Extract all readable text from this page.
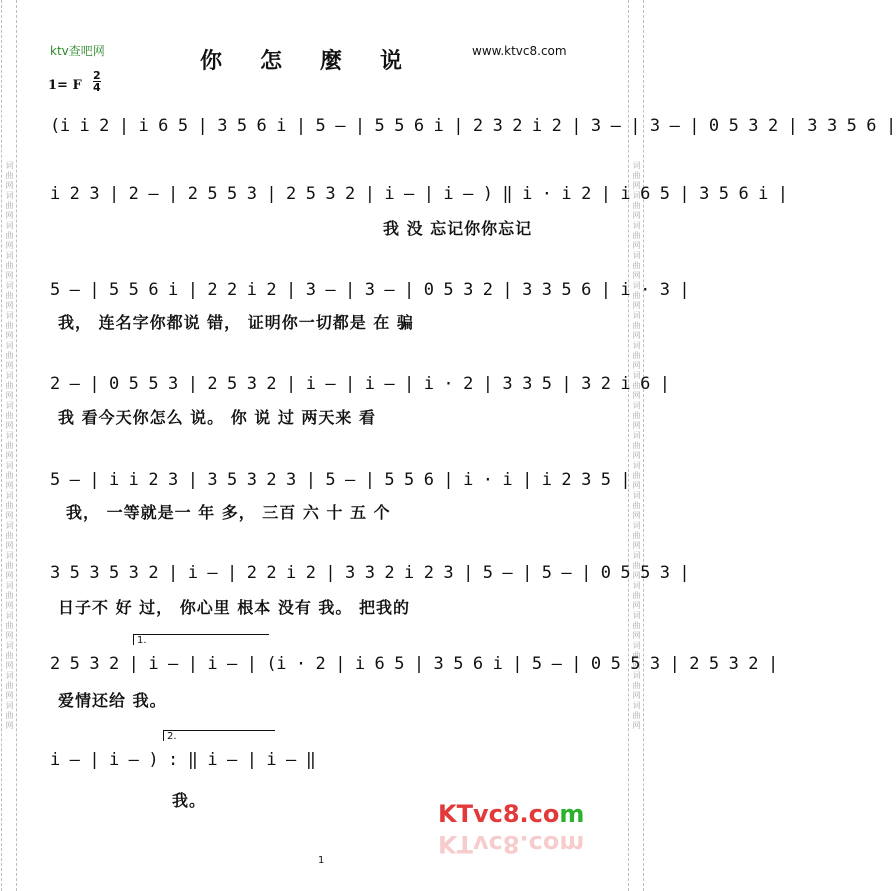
词曲网词曲网词曲网词曲网词曲网词曲网词曲网词曲网词曲网词曲网词曲网词曲网词曲网词曲网词曲网词曲网词曲网词曲网词曲网	词曲网词曲网词曲网词曲网词曲网词曲网词曲网词曲网词曲网词曲网词曲网词曲网词曲网词曲网词曲网词曲网词曲网词曲网词曲网
ktv查吧网	你怎麼说	www.ktvc8.com
1= F
2
4
(i i 2 | i 6 5 | 3 5 6 i | 5 — | 5 5 6 i | 2 3 2 i 2 | 3 — | 3 — | 0 5 3 2 | 3 3 5 6 |
i 2 3 | 2 — | 2 5 5 3 | 2 5 3 2 | i — | i — ) ‖ i · i 2 | i 6 5 | 3 5 6 i |
我 没 忘记你你忘记
5 — | 5 5 6 i | 2 2 i 2 | 3 — | 3 — | 0 5 3 2 | 3 3 5 6 | i · 3 |
我， 连名字你都说 错， 证明你一切都是 在 骗
2 — | 0 5 5 3 | 2 5 3 2 | i — | i — | i · 2 | 3 3 5 | 3 2 i 6 |
我 看今天你怎么 说。 你 说 过 两天来 看
5 — | i i 2 3 | 3 5 3 2 3 | 5 — | 5 5 6 | i · i | i 2 3 5 |
我， 一等就是一 年 多， 三百 六 十 五 个
3 5 3 5 3 2 | i — | 2 2 i 2 | 3 3 2 i 2 3 | 5 — | 5 — | 0 5 5 3 |
日子不 好 过， 你心里 根本 没有 我。 把我的
1.
2 5 3 2 | i — | i — | (i · 2 | i 6 5 | 3 5 6 i | 5 — | 0 5 5 3 | 2 5 3 2 |
爱情还给 我。
2.
i — | i — ) : ‖ i — | i — ‖
我。	KTvc8.com
KTvc8.com
1
